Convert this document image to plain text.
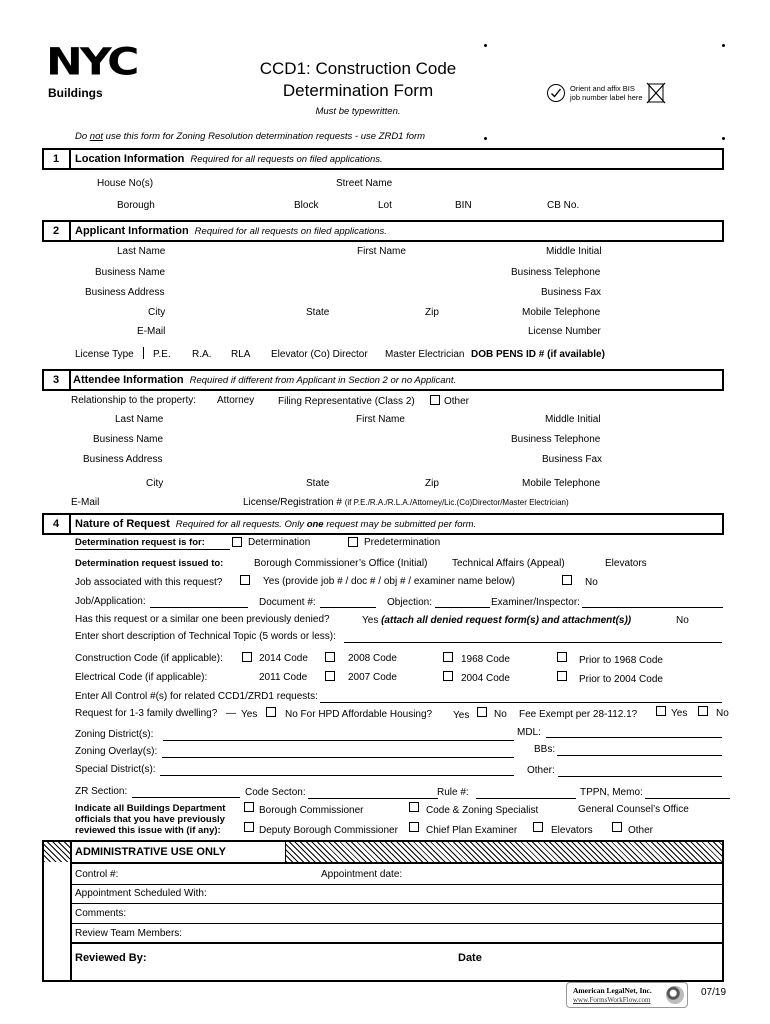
NYC
Buildings
CCD1: Construction Code
Determination Form
Must be typewritten.
Orient and affix BIS
job number label here
Do not use this form for Zoning Resolution determination requests - use ZRD1 form
1	Location Information Required for all requests on filed applications.
House No(s)	Street Name
Borough	Block	Lot	BIN	CB No.
2	Applicant Information Required for all requests on filed applications.
Last Name	First Name	Middle Initial
Business Name	Business Telephone
Business Address	Business Fax
City	State	Zip	Mobile Telephone
E-Mail	License Number
License Type P.E. R.A. RLA Elevator (Co) Director Master Electrician DOB PENS ID # (if available)
3	Attendee Information Required if different from Applicant in Section 2 or no Applicant.
Relationship to the property: Attorney Filing Representative (Class 2)	Other
Last Name	First Name	Middle Initial
Business Name	Business Telephone
Business Address	Business Fax
City	State	Zip	Mobile Telephone
E-Mail	License/Registration # (if P.E./R.A./R.L.A./Attorney/Lic.(Co)Director/Master Electrician)
4	Nature of Request Required for all requests. Only one request may be submitted per form.
Determination request is for:	Determination	Predetermination
Determination request issued to:	Borough Commissioner’s Office (Initial) Technical Affairs (Appeal)	Elevators
Job associated with this request?	Yes (provide job # / doc # / obj # / examiner name below)	No
Job/Application:	Document #:	Objection:	Examiner/Inspector:
Has this request or a similar one been previously denied?	Yes (attach all denied request form(s) and attachment(s))	No
Enter short description of Technical Topic (5 words or less):
Construction Code (if applicable):	2014 Code	2008 Code	1968 Code	Prior to 1968 Code
Electrical Code (if applicable):	2011 Code	2007 Code	2004 Code	Prior to 2004 Code
Enter All Control #(s) for related CCD1/ZRD1 requests:
Request for 1-3 family dwelling? — Yes	No For HPD Affordable Housing? Yes No Fee Exempt per 28-112.1?	Yes	No
Zoning District(s):	MDL:
Zoning Overlay(s):	BBs:
Special District(s):	Other:
ZR Section:	Code Secton:	Rule #:	TPPN, Memo:
Indicate all Buildings Department
officials that you have previously
reviewed this issue with (if any):
Borough Commissioner	Code & Zoning Specialist	General Counsel’s Office
Deputy Borough Commissioner	Chief Plan Examiner	Elevators	Other
ADMINISTRATIVE USE ONLY
Control #:	Appointment date:
Appointment Scheduled With:
Comments:
Review Team Members:
Reviewed By:	Date
American LegalNet, Inc.
www.FormsWorkFlow.com
07/19
